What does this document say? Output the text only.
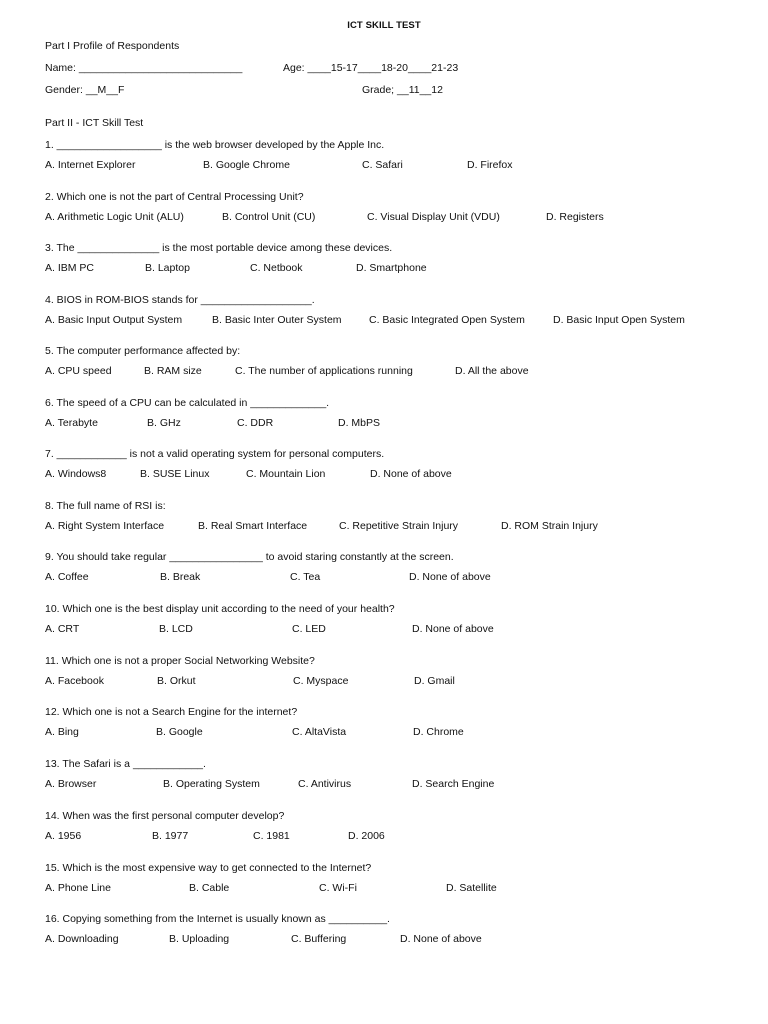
ICT SKILL TEST
Part I Profile of Respondents
Name: ____________________________	Age: ____15-17____18-20____21-23
Gender: __M__F	Grade; __11__12
Part II - ICT Skill Test
1. __________________ is the web browser developed by the Apple Inc.
A. Internet Explorer	B. Google Chrome	C. Safari	D. Firefox
2. Which one is not the part of Central Processing Unit?
A. Arithmetic Logic Unit (ALU)	B. Control Unit (CU)	C. Visual Display Unit (VDU)	D. Registers
3. The ______________ is the most portable device among these devices.
A. IBM PC	B. Laptop	C. Netbook	D. Smartphone
4. BIOS in ROM-BIOS stands for ___________________.
A. Basic Input Output System	B. Basic Inter Outer System	C. Basic Integrated Open System	D. Basic Input Open System
5. The computer performance affected by:
A. CPU speed	B. RAM size	C. The number of applications running	D. All the above
6. The speed of a CPU can be calculated in _____________.
A. Terabyte	B. GHz	C. DDR	D. MbPS
7. ____________ is not a valid operating system for personal computers.
A. Windows8	B. SUSE Linux	C. Mountain Lion	D. None of above
8. The full name of RSI is:
A. Right System Interface	B. Real Smart Interface	C. Repetitive Strain Injury	D. ROM Strain Injury
9. You should take regular ________________ to avoid staring constantly at the screen.
A. Coffee	B. Break	C. Tea	D. None of above
10. Which one is the best display unit according to the need of your health?
A. CRT	B. LCD	C. LED	D. None of above
11. Which one is not a proper Social Networking Website?
A. Facebook	B. Orkut	C. Myspace	D. Gmail
12. Which one is not a Search Engine for the internet?
A. Bing	B. Google	C. AltaVista	D. Chrome
13. The Safari is a ____________.
A. Browser	B. Operating System	C. Antivirus	D. Search Engine
14. When was the first personal computer develop?
A. 1956	B. 1977	C. 1981	D. 2006
15. Which is the most expensive way to get connected to the Internet?
A. Phone Line	B. Cable	C. Wi-Fi	D. Satellite
16. Copying something from the Internet is usually known as __________.
A. Downloading	B. Uploading	C. Buffering	D. None of above
